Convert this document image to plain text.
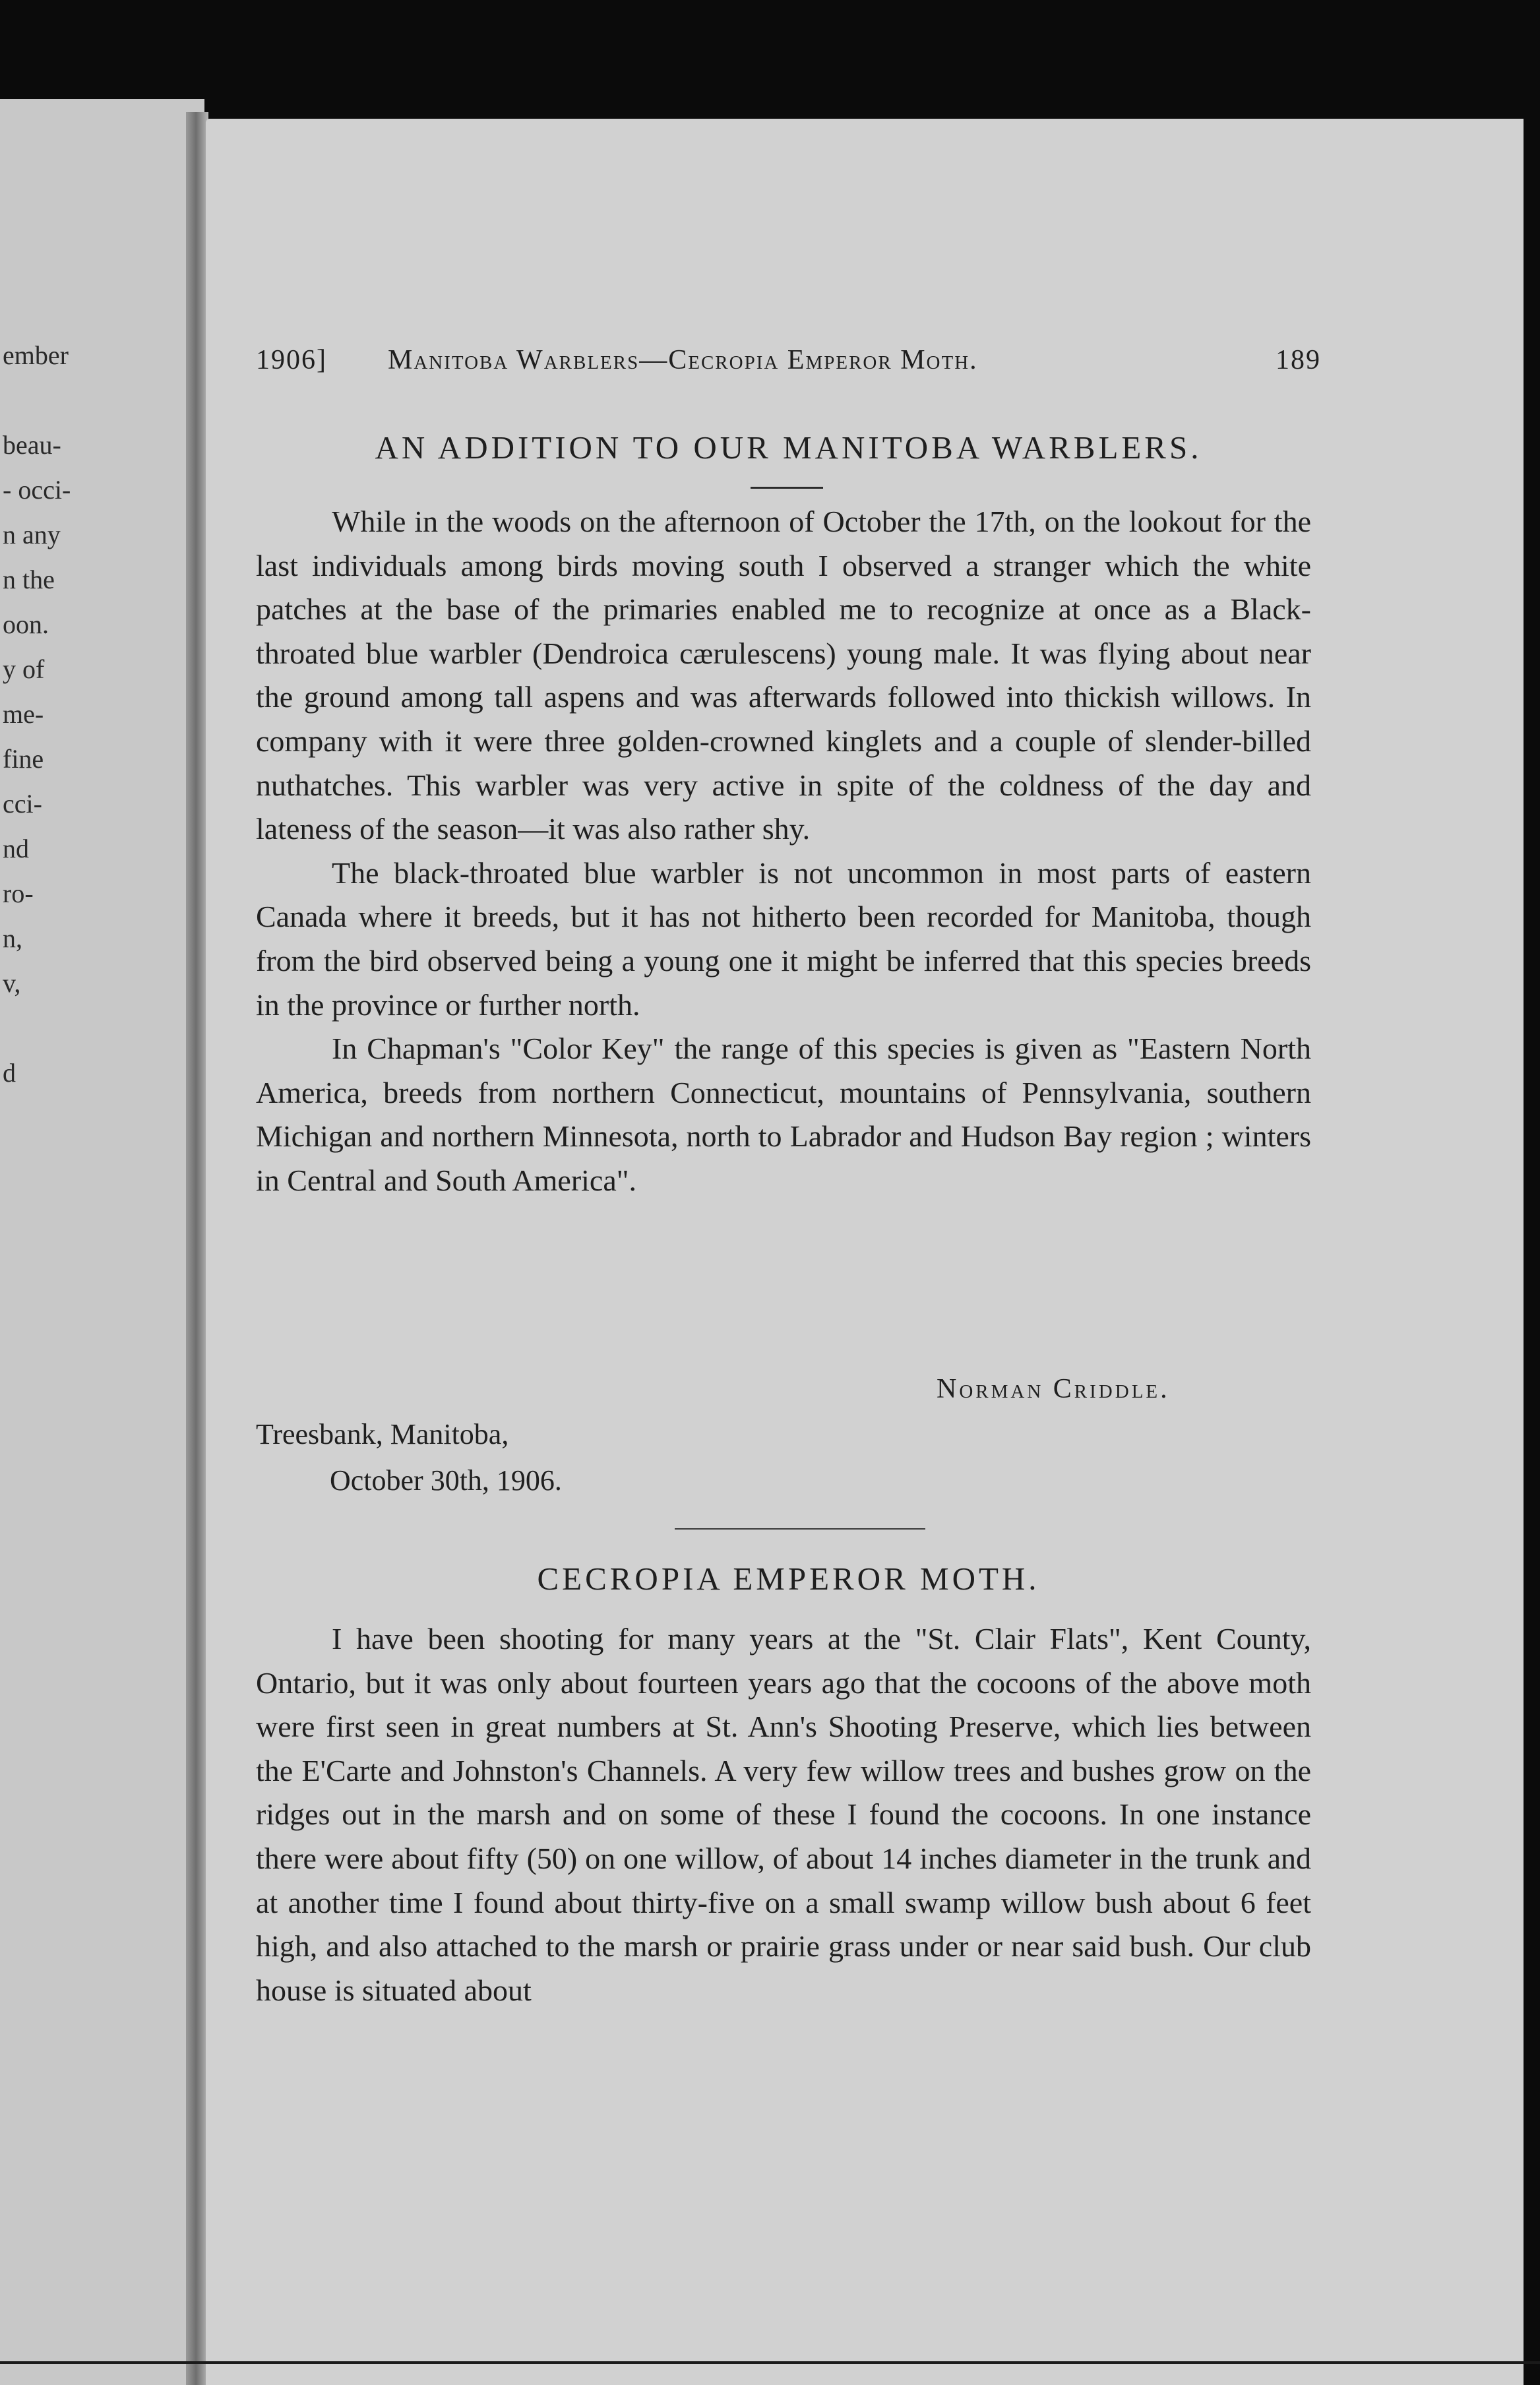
ember
beau-
- occi-
n any
n the
oon.
y of
me-
fine
cci-
nd
ro-
n,
v,
d
1906] Manitoba Warblers—Cecropia Emperor Moth.	189
AN ADDITION TO OUR MANITOBA WARBLERS.

While in the woods on the afternoon of October the 17th, on the lookout for the last individuals among birds moving south I observed a stranger which the white patches at the base of the primaries enabled me to recognize at once as a Black-throated blue warbler (Dendroica cærulescens) young male. It was flying about near the ground among tall aspens and was afterwards followed into thickish willows. In company with it were three golden-crowned kinglets and a couple of slender-billed nuthatches. This warbler was very active in spite of the coldness of the day and lateness of the season—it was also rather shy.

The black-throated blue warbler is not uncommon in most parts of eastern Canada where it breeds, but it has not hitherto been recorded for Manitoba, though from the bird observed being a young one it might be inferred that this species breeds in the province or further north.

In Chapman's "Color Key" the range of this species is given as "Eastern North America, breeds from northern Connecticut, mountains of Pennsylvania, southern Michigan and northern Minnesota, north to Labrador and Hudson Bay region ; winters in Central and South America".

Norman Criddle.
Treesbank, Manitoba,
October 30th, 1906.
CECROPIA EMPEROR MOTH.

I have been shooting for many years at the "St. Clair Flats", Kent County, Ontario, but it was only about fourteen years ago that the cocoons of the above moth were first seen in great numbers at St. Ann's Shooting Preserve, which lies between the E'Carte and Johnston's Channels. A very few willow trees and bushes grow on the ridges out in the marsh and on some of these I found the cocoons. In one instance there were about fifty (50) on one willow, of about 14 inches diameter in the trunk and at another time I found about thirty-five on a small swamp willow bush about 6 feet high, and also attached to the marsh or prairie grass under or near said bush. Our club house is situated about
